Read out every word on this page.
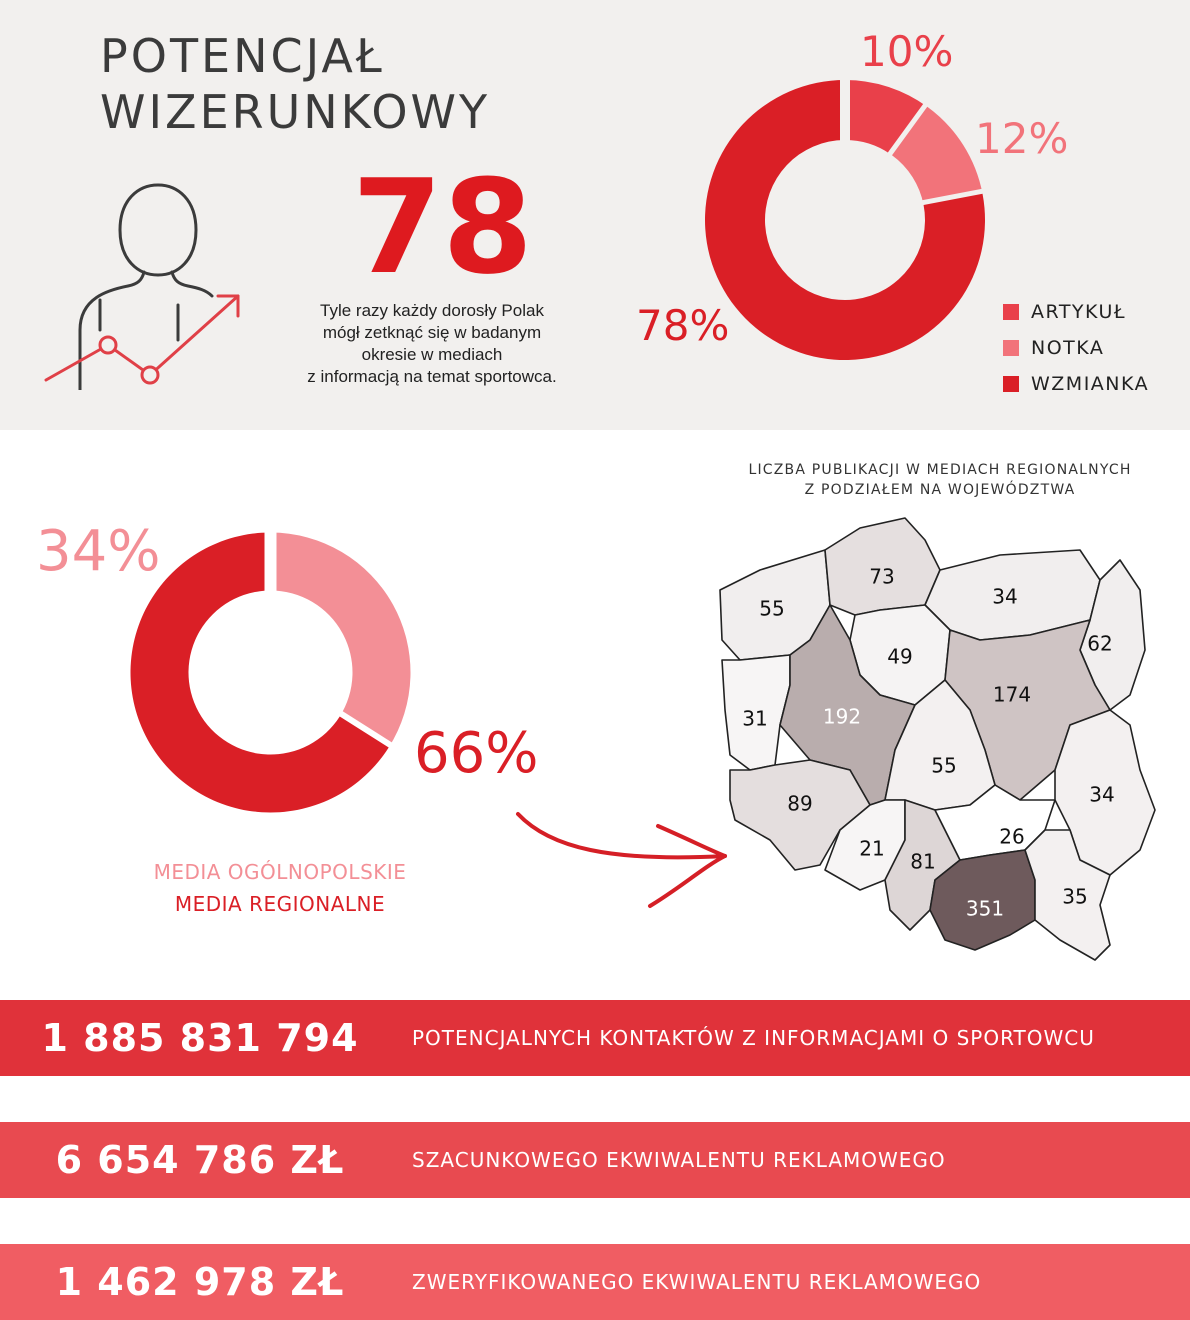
POTENCJAŁ
WIZERUNKOWY
78
Tyle razy każdy dorosły Polak
mógł zetknąć się w badanym
okresie w mediach
z informacją na temat sportowca.
10%
12%
78%	ARTYKUŁ
NOTKA
WZMIANKA
34%
66%
MEDIA OGÓLNOPOLSKIE
MEDIA REGIONALNE
LICZBA PUBLIKACJI W MEDIACH REGIONALNYCH
Z PODZIAŁEM NA WOJEWÓDZTWA
55
73
34
62
49
31	192
174
55
89	34
21
81
26
351	35
1 885 831 794	POTENCJALNYCH KONTAKTÓW Z INFORMACJAMI O SPORTOWCU
6 654 786 ZŁ	SZACUNKOWEGO EKWIWALENTU REKLAMOWEGO
1 462 978 ZŁ	ZWERYFIKOWANEGO EKWIWALENTU REKLAMOWEGO
